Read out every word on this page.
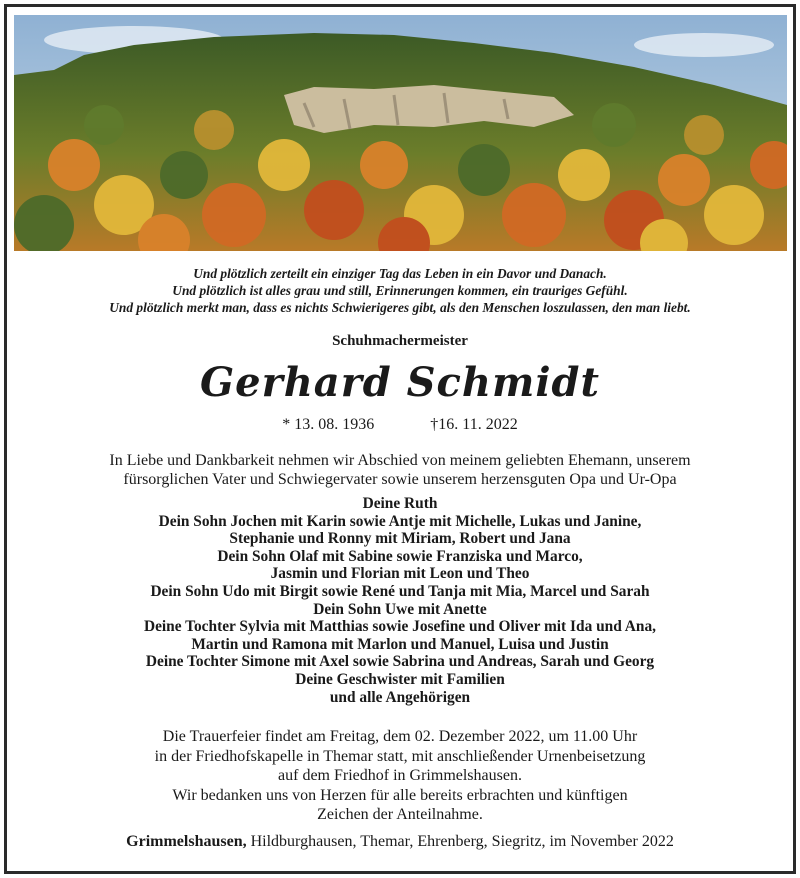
Und plötzlich zerteilt ein einziger Tag das Leben in ein Davor und Danach.
Und plötzlich ist alles grau und still, Erinnerungen kommen, ein trauriges Gefühl.
Und plötzlich merkt man, dass es nichts Schwierigeres gibt, als den Menschen loszulassen, den man liebt.
Schuhmachermeister
Gerhard Schmidt
* 13. 08. 1936	†16. 11. 2022
In Liebe und Dankbarkeit nehmen wir Abschied von meinem geliebten Ehemann, unserem
fürsorglichen Vater und Schwiegervater sowie unserem herzensguten Opa und Ur-Opa
Deine Ruth
Dein Sohn Jochen mit Karin sowie Antje mit Michelle, Lukas und Janine,
Stephanie und Ronny mit Miriam, Robert und Jana
Dein Sohn Olaf mit Sabine sowie Franziska und Marco,
Jasmin und Florian mit Leon und Theo
Dein Sohn Udo mit Birgit sowie René und Tanja mit Mia, Marcel und Sarah
Dein Sohn Uwe mit Anette
Deine Tochter Sylvia mit Matthias sowie Josefine und Oliver mit Ida und Ana,
Martin und Ramona mit Marlon und Manuel, Luisa und Justin
Deine Tochter Simone mit Axel sowie Sabrina und Andreas, Sarah und Georg
Deine Geschwister mit Familien
und alle Angehörigen
Die Trauerfeier findet am Freitag, dem 02. Dezember 2022, um 11.00 Uhr
in der Friedhofskapelle in Themar statt, mit anschließender Urnenbeisetzung
auf dem Friedhof in Grimmelshausen.
Wir bedanken uns von Herzen für alle bereits erbrachten und künftigen
Zeichen der Anteilnahme.
Grimmelshausen, Hildburghausen, Themar, Ehrenberg, Siegritz, im November 2022
